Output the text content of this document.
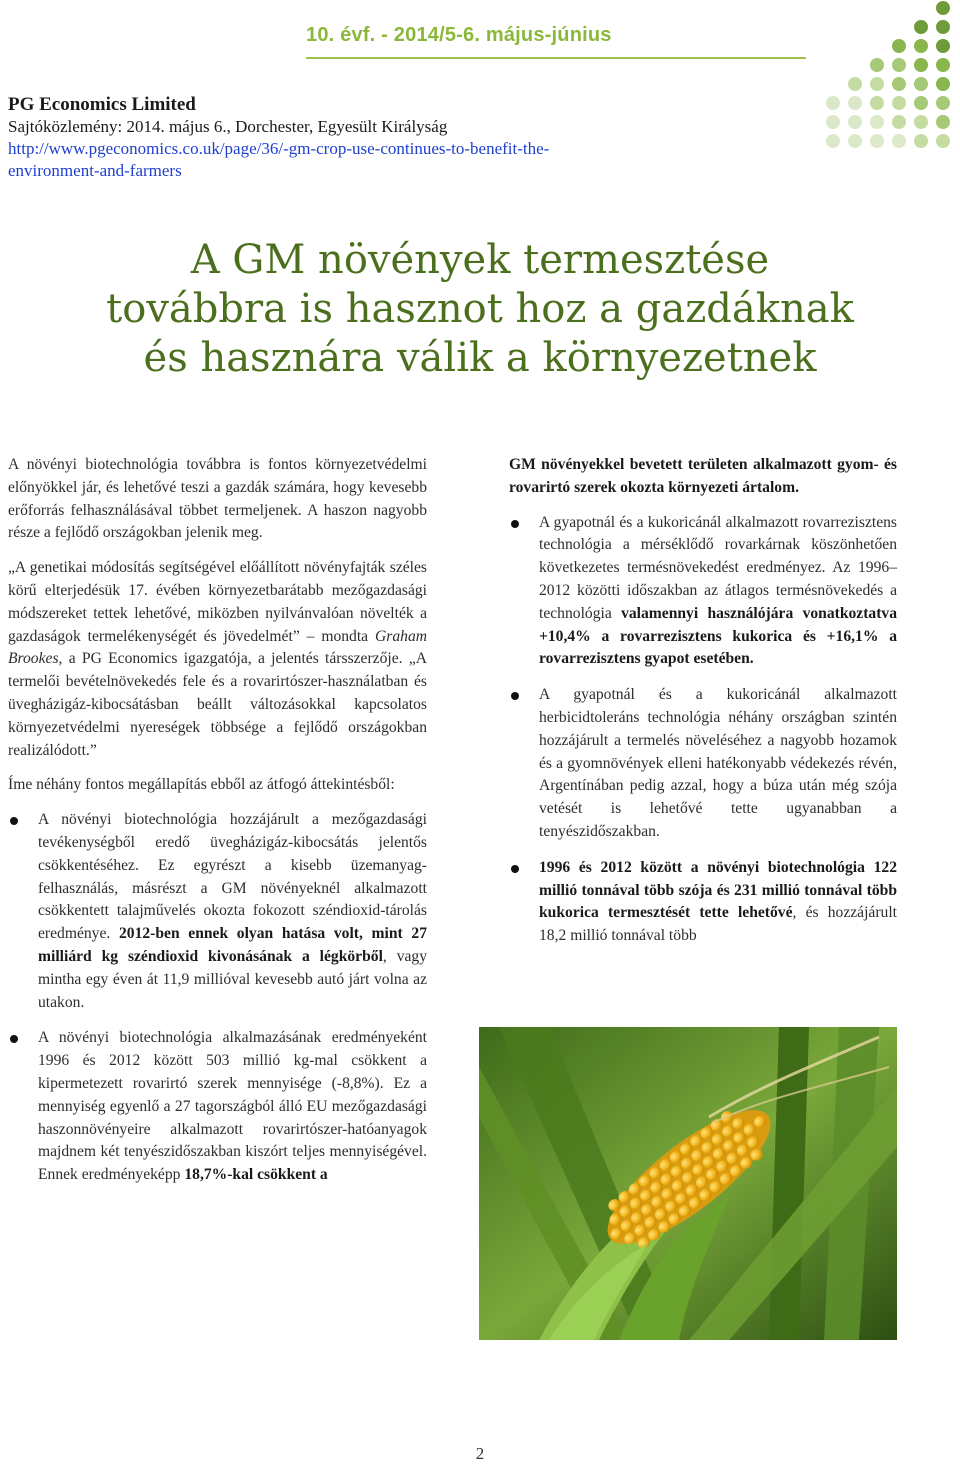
10. évf. - 2014/5-6. május-június
PG Economics Limited
Sajtóközlemény: 2014. május 6., Dorchester, Egyesült Királyság
http://www.pgeconomics.co.uk/page/36/-gm-crop-use-continues-to-benefit-the-
environment-and-farmers
A GM növények termesztése
továbbra is hasznot hoz a gazdáknak
és hasznára válik a környezetnek

A növényi biotechnológia továbbra is fontos környezetvédelmi előnyökkel jár, és lehetővé teszi a gazdák számára, hogy kevesebb erőforrás felhasználásával többet termeljenek. A haszon nagyobb része a fejlődő országokban jelenik meg.

„A genetikai módosítás segítségével előállított növényfajták széles körű elterjedésük 17. évében környezetbarátabb mezőgazdasági módszereket tettek lehetővé, miközben nyilvánvalóan növelték a gazdaságok termelékenységét és jövedelmét” – mondta Graham Brookes, a PG Economics igazgatója, a jelentés társszerzője. „A termelői bevételnövekedés fele és a rovarirtószer-használatban és üvegházigáz-kibocsátásban beállt változásokkal kapcsolatos környezetvédelmi nyereségek többsége a fejlődő országokban realizálódott.”

Íme néhány fontos megállapítás ebből az átfogó áttekintésből:

A növényi biotechnológia hozzájárult a mezőgazdasági tevékenységből eredő üvegházigáz-kibocsátás jelentős csökkentéséhez. Ez egyrészt a kisebb üzemanyag-felhasználás, másrészt a GM növényeknél alkalmazott csökkentett talajművelés okozta fokozott széndioxid-tárolás eredménye. 2012-ben ennek olyan hatása volt, mint 27 milliárd kg széndioxid kivonásának a légkörből, vagy mintha egy éven át 11,9 millióval kevesebb autó járt volna az utakon.
A növényi biotechnológia alkalmazásának eredményeként 1996 és 2012 között 503 millió kg-mal csökkent a kipermetezett rovarirtó szerek mennyisége (-8,8%). Ez a mennyiség egyenlő a 27 tagországból álló EU mezőgazdasági haszonnövényeire alkalmazott rovarirtószer-hatóanyagok majdnem két tenyészidőszakban kiszórt teljes mennyiségével. Ennek eredményeképp 18,7%-kal csökkent a

GM növényekkel bevetett területen alkalmazott gyom- és rovarirtó szerek okozta környezeti ártalom.

A gyapotnál és a kukoricánál alkalmazott rovarrezisztens technológia a mérséklődő rovarkárnak köszönhetően következetes termésnövekedést eredményez. Az 1996–2012 közötti időszakban az átlagos termésnövekedés a technológia valamennyi használójára vonatkoztatva +10,4% a rovarrezisztens kukorica és +16,1% a rovarrezisztens gyapot esetében.
A gyapotnál és a kukoricánál alkalmazott herbicidtoleráns technológia néhány országban szintén hozzájárult a termelés növeléséhez a nagyobb hozamok és a gyomnövények elleni hatékonyabb védekezés révén, Argentínában pedig azzal, hogy a búza után még szója vetését is lehetővé tette ugyanabban a tenyészidőszakban.
1996 és 2012 között a növényi biotechnológia 122 millió tonnával több szója és 231 millió tonnával több kukorica termesztését tette lehetővé, és hozzájárult 18,2 millió tonnával több
2
